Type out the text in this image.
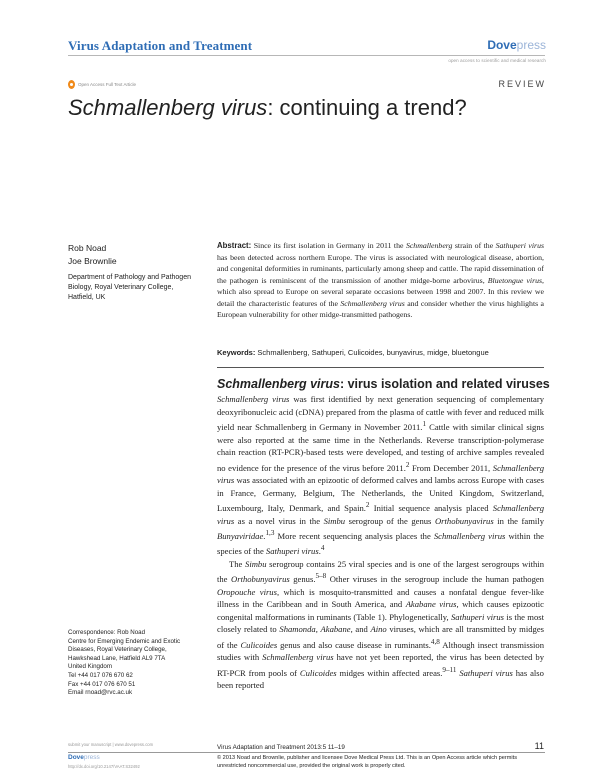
Virus Adaptation and Treatment	Dovepress
open access to scientific and medical research
Open Access Full Text Article	REVIEW
Schmallenberg virus: continuing a trend?
Rob Noad
Joe Brownlie
Department of Pathology and Pathogen Biology, Royal Veterinary College, Hatfield, UK
Correspondence: Rob Noad
Centre for Emerging Endemic and Exotic
Diseases, Royal Veterinary College,
Hawkshead Lane, Hatfield AL9 7TA
United Kingdom
Tel +44 017 076 670 62
Fax +44 017 076 670 51
Email rnoad@rvc.ac.uk
Abstract: Since its first isolation in Germany in 2011 the Schmallenberg strain of the Sathuperi virus has been detected across northern Europe. The virus is associated with neurological disease, abortion, and congenital deformities in ruminants, particularly among sheep and cattle. The rapid dissemination of the pathogen is reminiscent of the transmission of another midge-borne arbovirus, Bluetongue virus, which also spread to Europe on several separate occasions between 1998 and 2007. In this review we detail the characteristic features of the Schmallenberg virus and consider whether the virus highlights a European vulnerability for other midge-transmitted pathogens.
Keywords: Schmallenberg, Sathuperi, Culicoides, bunyavirus, midge, bluetongue
Schmallenberg virus: virus isolation and related viruses

Schmallenberg virus was first identified by next generation sequencing of complementary deoxyribonucleic acid (cDNA) prepared from the plasma of cattle with fever and reduced milk yield near Schmallenberg in Germany in November 2011.$^1$ Cattle with similar clinical signs were also reported at the same time in the Netherlands. Reverse transcription-polymerase chain reaction (RT-PCR)-based tests were developed, and testing of archive samples revealed no evidence for the presence of the virus before 2011.$^2$ From December 2011, Schmallenberg virus was associated with an epizootic of deformed calves and lambs across Europe with cases in France, Germany, Belgium, The Netherlands, the United Kingdom, Switzerland, Luxembourg, Italy, Denmark, and Spain.$^2$ Initial sequence analysis placed Schmallenberg virus as a novel virus in the Simbu serogroup of the genus Orthobunyavirus in the family Bunyaviridae.$^{1,3}$ More recent sequencing analysis places the Schmallenberg virus within the species of the Sathuperi virus.$^4$

The Simbu serogroup contains 25 viral species and is one of the largest serogroups within the Orthobunyavirus genus.$^{5-8}$ Other viruses in the serogroup include the human pathogen Oropouche virus, which is mosquito-transmitted and causes a nonfatal dengue fever-like illness in the Caribbean and in South America, and Akabane virus, which causes epizootic congenital malformations in ruminants (Table 1). Phylogenetically, Sathuperi virus is the most closely related to Shamonda, Akabane, and Aino viruses, which are all transmitted by midges of the Culicoides genus and also cause disease in ruminants.$^{4,8}$ Although insect transmission studies with Schmallenberg virus have not yet been reported, the virus has been detected by RT-PCR from pools of Culicoides midges within affected areas.$^{9-11}$ Sathuperi virus has also been reported

submit your manuscript | www.dovepress.com
Dovepress
http://dx.doi.org/10.2147/VAAT.S32492
Virus Adaptation and Treatment 2013:5 11–19
© 2013 Noad and Brownlie, publisher and licensee Dove Medical Press Ltd. This is an Open Access article which permits unrestricted noncommercial use, provided the original work is properly cited.
11
